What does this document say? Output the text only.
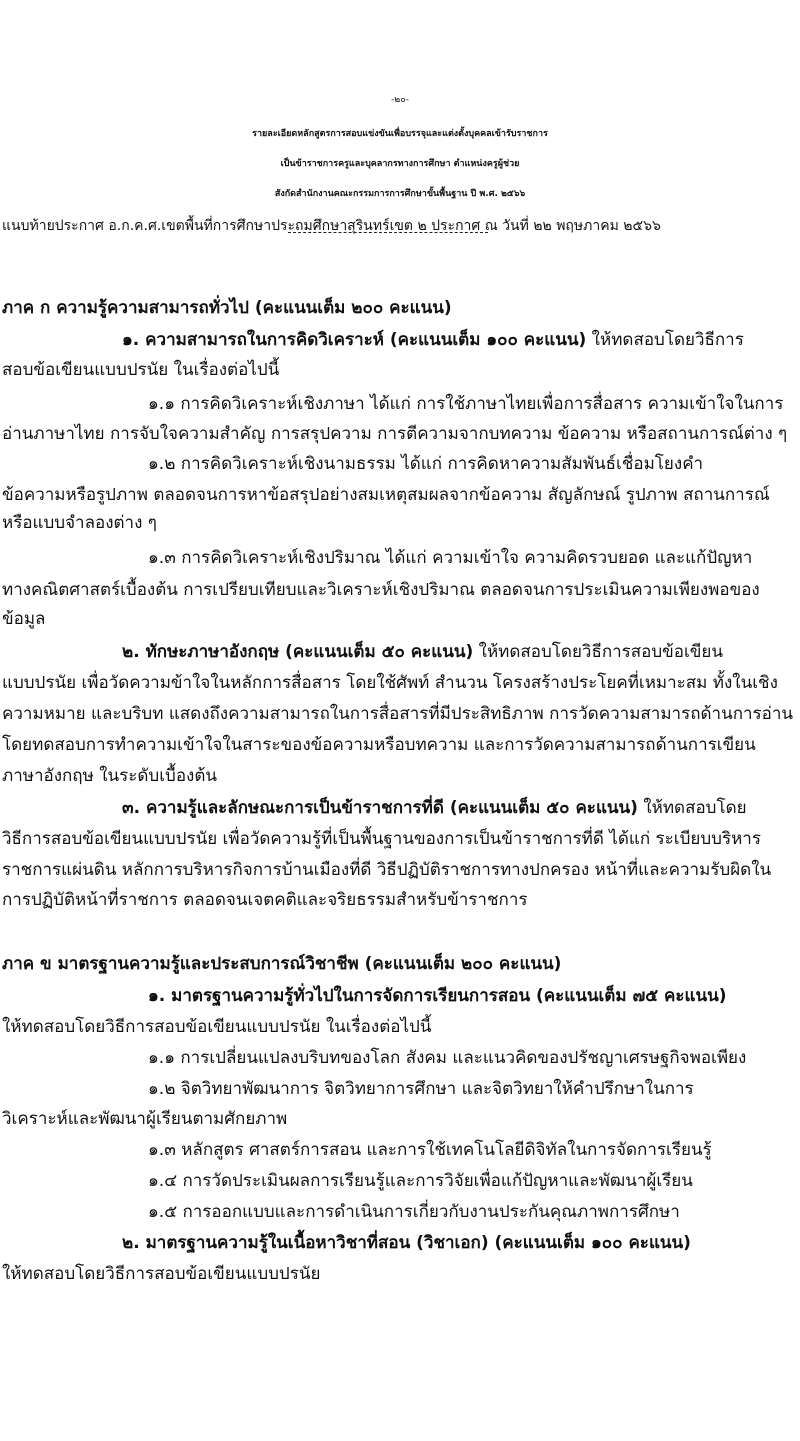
-๒๐-
รายละเอียดหลักสูตรการสอบแข่งขันเพื่อบรรจุและแต่งตั้งบุคคลเข้ารับราชการ
เป็นข้าราชการครูและบุคลากรทางการศึกษา ตำแหน่งครูผู้ช่วย
สังกัดสำนักงานคณะกรรมการการศึกษาขั้นพื้นฐาน ปี พ.ศ. ๒๕๖๖
แนบท้ายประกาศ อ.ก.ค.ศ.เขตพื้นที่การศึกษาประถมศึกษาสุรินทร์เขต ๒ ประกาศ ณ วันที่ ๒๒ พฤษภาคม ๒๕๖๖
ภาค ก ความรู้ความสามารถทั่วไป (คะแนนเต็ม ๒๐๐ คะแนน)
๑. ความสามารถในการคิดวิเคราะห์ (คะแนนเต็ม ๑๐๐ คะแนน) ให้ทดสอบโดยวิธีการ
สอบข้อเขียนแบบปรนัย ในเรื่องต่อไปนี้
๑.๑ การคิดวิเคราะห์เชิงภาษา ได้แก่ การใช้ภาษาไทยเพื่อการสื่อสาร ความเข้าใจในการ
อ่านภาษาไทย การจับใจความสำคัญ การสรุปความ การตีความจากบทความ ข้อความ หรือสถานการณ์ต่าง ๆ
๑.๒ การคิดวิเคราะห์เชิงนามธรรม ได้แก่ การคิดหาความสัมพันธ์เชื่อมโยงคำ
ข้อความหรือรูปภาพ ตลอดจนการหาข้อสรุปอย่างสมเหตุสมผลจากข้อความ สัญลักษณ์ รูปภาพ สถานการณ์
หรือแบบจำลองต่าง ๆ
๑.๓ การคิดวิเคราะห์เชิงปริมาณ ได้แก่ ความเข้าใจ ความคิดรวบยอด และแก้ปัญหา
ทางคณิตศาสตร์เบื้องต้น การเปรียบเทียบและวิเคราะห์เชิงปริมาณ ตลอดจนการประเมินความเพียงพอของ
ข้อมูล
๒. ทักษะภาษาอังกฤษ (คะแนนเต็ม ๕๐ คะแนน) ให้ทดสอบโดยวิธีการสอบข้อเขียน
แบบปรนัย เพื่อวัดความข้าใจในหลักการสื่อสาร โดยใช้ศัพท์ สำนวน โครงสร้างประโยคที่เหมาะสม ทั้งในเชิง
ความหมาย และบริบท แสดงถึงความสามารถในการสื่อสารที่มีประสิทธิภาพ การวัดความสามารถด้านการอ่าน
โดยทดสอบการทำความเข้าใจในสาระของข้อความหรือบทความ และการวัดความสามารถด้านการเขียน
ภาษาอังกฤษ ในระดับเบื้องต้น
๓. ความรู้และลักษณะการเป็นข้าราชการที่ดี (คะแนนเต็ม ๕๐ คะแนน) ให้ทดสอบโดย
วิธีการสอบข้อเขียนแบบปรนัย เพื่อวัดความรู้ที่เป็นพื้นฐานของการเป็นข้าราชการที่ดี ได้แก่ ระเบียบบริหาร
ราชการแผ่นดิน หลักการบริหารกิจการบ้านเมืองที่ดี วิธีปฏิบัติราชการทางปกครอง หน้าที่และความรับผิดใน
การปฏิบัติหน้าที่ราชการ ตลอดจนเจตคติและจริยธรรมสำหรับข้าราชการ
ภาค ข มาตรฐานความรู้และประสบการณ์วิชาชีพ (คะแนนเต็ม ๒๐๐ คะแนน)
๑. มาตรฐานความรู้ทั่วไปในการจัดการเรียนการสอน (คะแนนเต็ม ๗๕ คะแนน)
ให้ทดสอบโดยวิธีการสอบข้อเขียนแบบปรนัย ในเรื่องต่อไปนี้
๑.๑ การเปลี่ยนแปลงบริบทของโลก สังคม และแนวคิดของปรัชญาเศรษฐกิจพอเพียง
๑.๒ จิตวิทยาพัฒนาการ จิตวิทยาการศึกษา และจิตวิทยาให้คำปรึกษาในการ
วิเคราะห์และพัฒนาผู้เรียนตามศักยภาพ
๑.๓ หลักสูตร ศาสตร์การสอน และการใช้เทคโนโลยีดิจิทัลในการจัดการเรียนรู้
๑.๔ การวัดประเมินผลการเรียนรู้และการวิจัยเพื่อแก้ปัญหาและพัฒนาผู้เรียน
๑.๕ การออกแบบและการดำเนินการเกี่ยวกับงานประกันคุณภาพการศึกษา
๒. มาตรฐานความรู้ในเนื้อหาวิชาที่สอน (วิชาเอก) (คะแนนเต็ม ๑๐๐ คะแนน)
ให้ทดสอบโดยวิธีการสอบข้อเขียนแบบปรนัย
